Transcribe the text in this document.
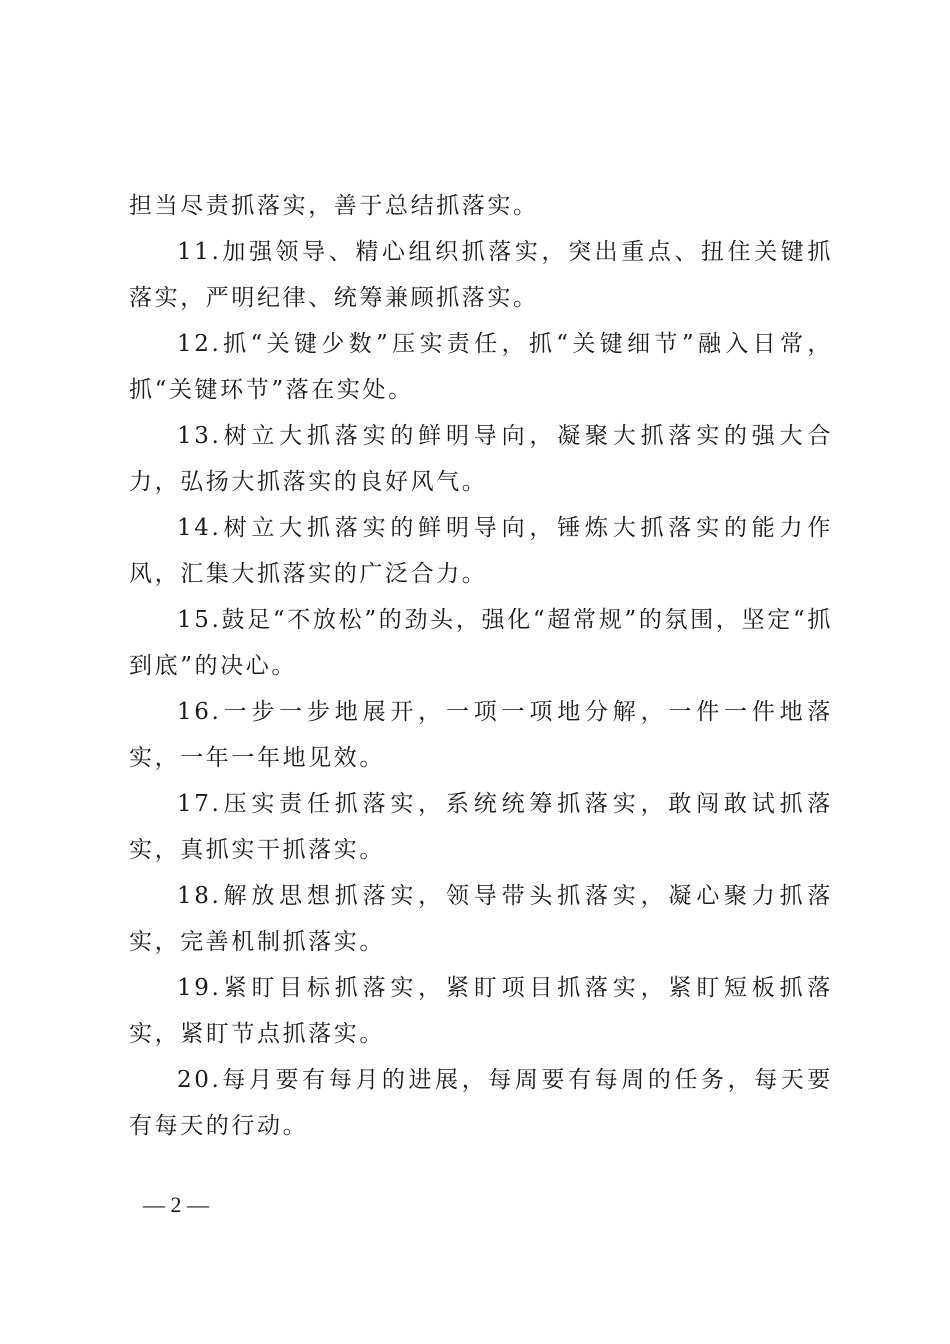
担当尽责抓落实，善于总结抓落实。

11.加强领导、精心组织抓落实，突出重点、扭住关键抓落实，严明纪律、统筹兼顾抓落实。

12.抓“关键少数”压实责任，抓“关键细节”融入日常，抓“关键环节”落在实处。

13.树立大抓落实的鲜明导向，凝聚大抓落实的强大合力，弘扬大抓落实的良好风气。

14.树立大抓落实的鲜明导向，锤炼大抓落实的能力作风，汇集大抓落实的广泛合力。

15.鼓足“不放松”的劲头，强化“超常规”的氛围，坚定“抓到底”的决心。

16.一步一步地展开，一项一项地分解，一件一件地落实，一年一年地见效。

17.压实责任抓落实，系统统筹抓落实，敢闯敢试抓落实，真抓实干抓落实。

18.解放思想抓落实，领导带头抓落实，凝心聚力抓落实，完善机制抓落实。

19.紧盯目标抓落实，紧盯项目抓落实，紧盯短板抓落实，紧盯节点抓落实。

20.每月要有每月的进展，每周要有每周的任务，每天要有每天的行动。

— 2 —
